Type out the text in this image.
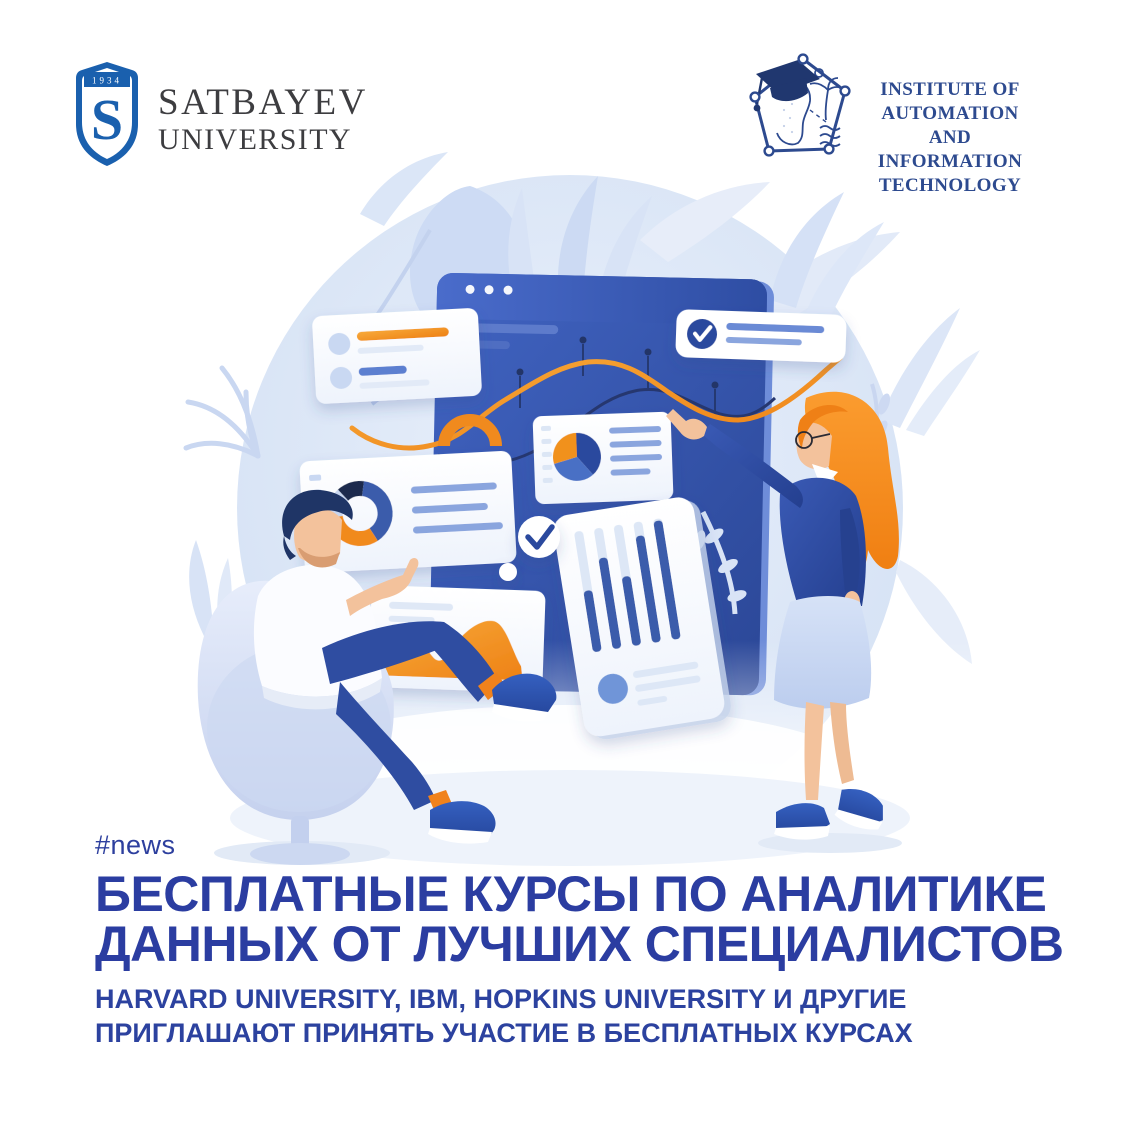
1934
S SATBAYEV
UNIVERSITY
INSTITUTE OF
AUTOMATION AND
INFORMATION
TECHNOLOGY
#news
БЕСПЛАТНЫЕ КУРСЫ ПО АНАЛИТИКЕ
ДАННЫХ ОТ ЛУЧШИХ СПЕЦИАЛИСТОВ

HARVARD UNIVERSITY, IBM, HOPKINS UNIVERSITY И ДРУГИЕ
ПРИГЛАШАЮТ ПРИНЯТЬ УЧАСТИЕ В БЕСПЛАТНЫХ КУРСАХ
